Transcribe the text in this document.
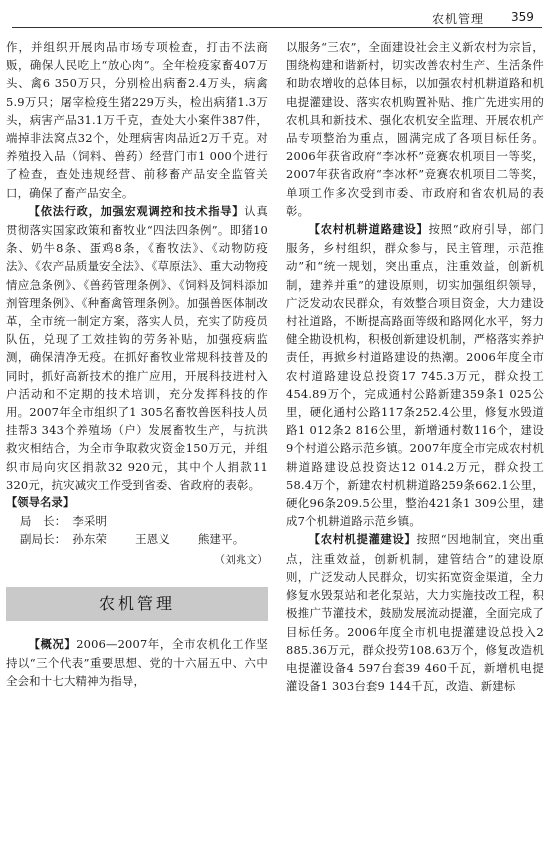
农机管理 359

作，并组织开展肉品市场专项检查，打击不法商贩，确保人民吃上“放心肉”。全年检疫家畜407万头、禽6 350万只，分别检出病畜2.4万头，病禽5.9万只；屠宰检疫生猪229万头，检出病猪1.3万头，病害产品31.1万千克，查处大小案件387件，端掉非法窝点32个，处理病害肉品近2万千克。对养殖投入品（饲料、兽药）经营门市1 000个进行了检查，查处违规经营、前移畜产品安全监管关口，确保了畜产品安全。

【依法行政，加强宏观调控和技术指导】认真贯彻落实国家政策和畜牧业“四法四条例”。即猪10条、奶牛8条、蛋鸡8条，《畜牧法》、《动物防疫法》、《农产品质量安全法》、《草原法》、重大动物疫情应急条例》、《兽药管理条例》、《饲料及饲料添加剂管理条例》、《种畜禽管理条例》。加强兽医体制改革，全市统一制定方案，落实人员，充实了防疫员队伍，兑现了工效挂钩的劳务补贴，加强疫病监测，确保清净无疫。在抓好畜牧业常规科技普及的同时，抓好高新技术的推广应用，开展科技进村入户活动和不定期的技术培训，充分发挥科技的作用。2007年全市组织了1 305名畜牧兽医科技人员挂帮3 343个养殖场（户）发展畜牧生产，与抗洪救灾相结合，为全市争取救灾资金150万元，并组织市局向灾区捐款32 920元，其中个人捐款11 320元，抗灾减灾工作受到省委、省政府的表彰。

【领导名录】

局　长： 李采明
副局长： 孙东荣 王恩义 熊建平。
（刘兆文）
农机管理

【概况】2006—2007年，全市农机化工作坚持以“三个代表”重要思想、党的十六届五中、六中全会和十七大精神为指导，

以服务“三农”，全面建设社会主义新农村为宗旨，围绕构建和谐新村，切实改善农村生产、生活条件和助农增收的总体目标，以加强农村机耕道路和机电提灌建设、落实农机购置补贴、推广先进实用的农机具和新技术、强化农机安全监理、开展农机产品专项整治为重点，圆满完成了各项目标任务。2006年获省政府“李冰杯”竞赛农机项目一等奖，2007年获省政府“李冰杯”竞赛农机项目二等奖，单项工作多次受到市委、市政府和省农机局的表彰。

【农村机耕道路建设】按照“政府引导，部门服务，乡村组织，群众参与，民主管理，示范推动”和“统一规划，突出重点，注重效益，创新机制，建养并重”的建设原则，切实加强组织领导，广泛发动农民群众，有效整合项目资金，大力建设村社道路，不断提高路面等级和路网化水平，努力健全勘设机构，积极创新建设机制，严格落实养护责任，再掀乡村道路建设的热潮。2006年度全市农村道路建设总投资17 745.3万元，群众投工454.89万个，完成通村公路新建359条1 025公里，硬化通村公路117条252.4公里，修复水毁道路1 012条2 816公里，新增通村数116个，建设9个村道公路示范乡镇。2007年度全市完成农村机耕道路建设总投资达12 014.2万元，群众投工58.4万个，新建农村机耕道路259条662.1公里，硬化96条209.5公里，整治421条1 309公里，建成7个机耕道路示范乡镇。

【农村机提灌建设】按照“因地制宜，突出重点，注重效益，创新机制，建管结合”的建设原则，广泛发动人民群众，切实拓宽资金渠道，全力修复水毁泵站和老化泵站，大力实施技改工程，积极推广节灌技术，鼓励发展流动提灌，全面完成了目标任务。2006年度全市机电提灌建设总投入2 885.36万元，群众投劳108.63万个，修复改造机电提灌设备4 597台套39 460千瓦，新增机电提灌设备1 303台套9 144千瓦，改造、新建标
